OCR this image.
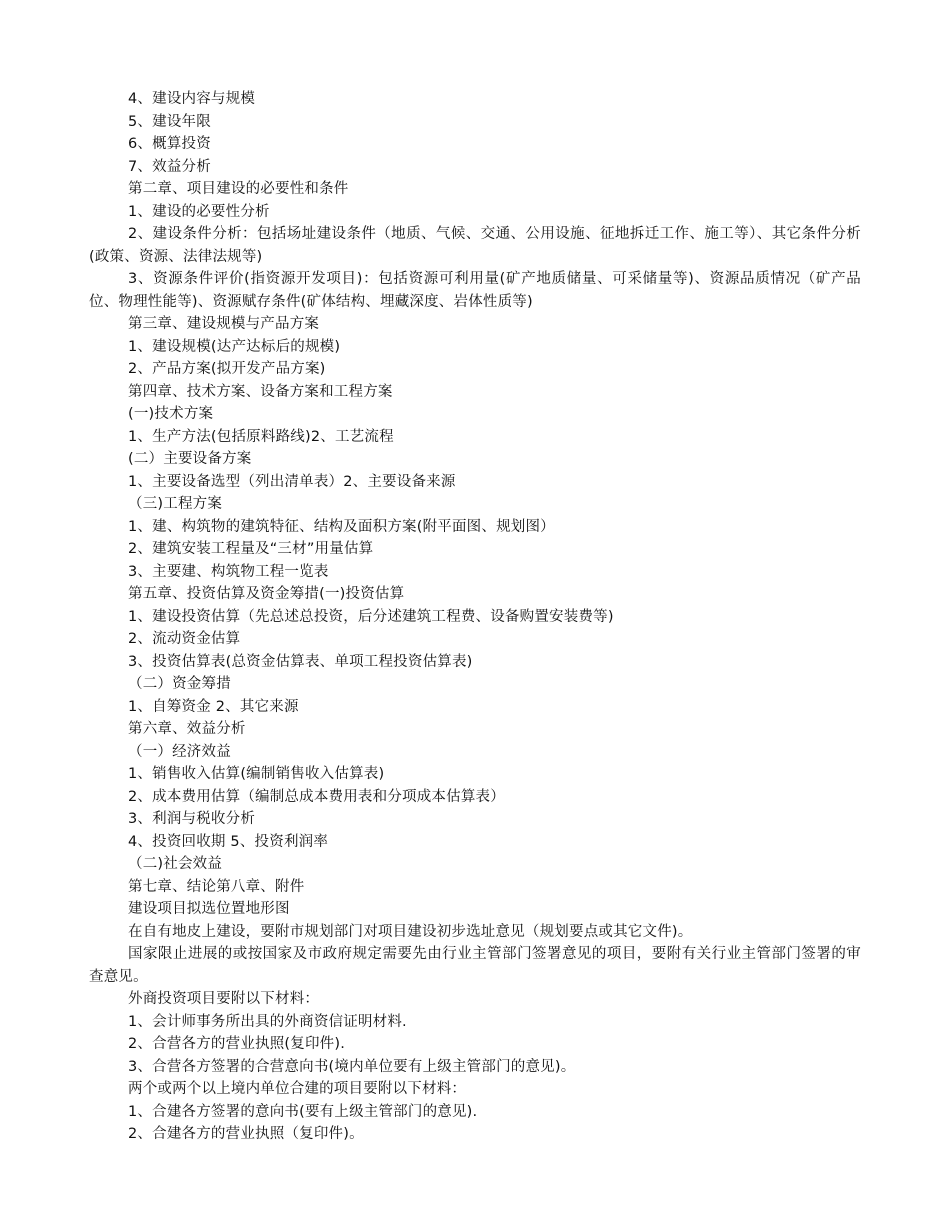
4、建设内容与规模

5、建设年限

6、概算投资

7、效益分析

第二章、项目建设的必要性和条件

1、建设的必要性分析

2、建设条件分析：包括场址建设条件（地质、气候、交通、公用设施、征地拆迁工作、施工等）、其它条件分析(政策、资源、法律法规等)

3、资源条件评价(指资源开发项目)：包括资源可利用量(矿产地质储量、可采储量等)、资源品质情况（矿产品位、物理性能等)、资源赋存条件(矿体结构、埋藏深度、岩体性质等)

第三章、建设规模与产品方案

1、建设规模(达产达标后的规模)

2、产品方案(拟开发产品方案)

第四章、技术方案、设备方案和工程方案

(一)技术方案

1、生产方法(包括原料路线)2、工艺流程

(二）主要设备方案

1、主要设备选型（列出清单表）2、主要设备来源

（三)工程方案

1、建、构筑物的建筑特征、结构及面积方案(附平面图、规划图）

2、建筑安装工程量及“三材”用量估算

3、主要建、构筑物工程一览表

第五章、投资估算及资金筹措(一)投资估算

1、建设投资估算（先总述总投资，后分述建筑工程费、设备购置安装费等)

2、流动资金估算

3、投资估算表(总资金估算表、单项工程投资估算表)

（二）资金筹措

1、自筹资金 2、其它来源

第六章、效益分析

（一）经济效益

1、销售收入估算(编制销售收入估算表)

2、成本费用估算（编制总成本费用表和分项成本估算表）

3、利润与税收分析

4、投资回收期 5、投资利润率

（二)社会效益

第七章、结论第八章、附件

建设项目拟选位置地形图

在自有地皮上建设，要附市规划部门对项目建设初步选址意见（规划要点或其它文件)。

国家限止进展的或按国家及市政府规定需要先由行业主管部门签署意见的项目，要附有关行业主管部门签署的审查意见。

外商投资项目要附以下材料：

1、会计师事务所出具的外商资信证明材料.

2、合营各方的营业执照(复印件).

3、合营各方签署的合营意向书(境内单位要有上级主管部门的意见)。

两个或两个以上境内单位合建的项目要附以下材料：

1、合建各方签署的意向书(要有上级主管部门的意见).

2、合建各方的营业执照（复印件)。
